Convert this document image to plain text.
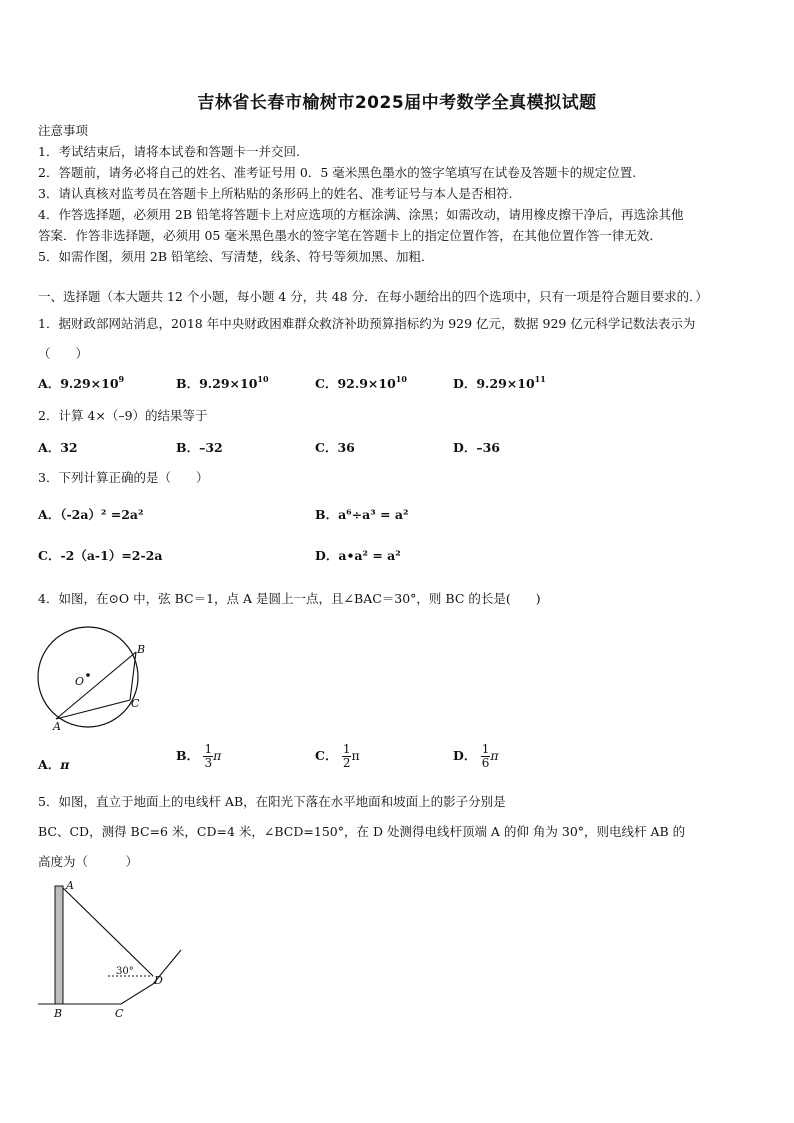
吉林省长春市榆树市2025届中考数学全真模拟试题
注意事项
1．考试结束后，请将本试卷和答题卡一并交回.
2．答题前，请务必将自己的姓名、准考证号用 0．5 毫米黑色墨水的签字笔填写在试卷及答题卡的规定位置.
3．请认真核对监考员在答题卡上所粘贴的条形码上的姓名、准考证号与本人是否相符.
4．作答选择题，必须用 2B 铅笔将答题卡上对应选项的方框涂满、涂黑；如需改动，请用橡皮擦干净后，再选涂其他
答案．作答非选择题，必须用 05 毫米黑色墨水的签字笔在答题卡上的指定位置作答，在其他位置作答一律无效．
5．如需作图，须用 2B 铅笔绘、写清楚，线条、符号等须加黑、加粗．
一、选择题（本大题共 12 个小题，每小题 4 分，共 48 分．在每小题给出的四个选项中，只有一项是符合题目要求的．）
1．据财政部网站消息，2018 年中央财政困难群众救济补助预算指标约为 929 亿元，数据 929 亿元科学记数法表示为
（　　）
A．$9.29\times 10^9$	B．$9.29\times 10^{10}$	C．$92.9\times 10^{10}$	D．$9.29\times 10^{11}$
2．计算 4×（–9）的结果等于
A．32	B．–32	C．36	D．–36
3．下列计算正确的是（　　）
A．（-2a）² =2a²	B．a⁶÷a³ = a²
C．-2（a-1）=2-2a	D．a•a² = a²
4．如图，在⊙O 中，弦 BC＝1，点 A 是圆上一点，且∠BAC＝30°，则 BC 的长是(　　)
B
O
C
A
A．π
B． $\frac{1}{3}$ π	C． $\frac{1}{2}$ π	D． $\frac{1}{6}$ π
5．如图，直立于地面上的电线杆 AB，在阳光下落在水平地面和坡面上的影子分别是
BC、CD，测得 BC=6 米，CD=4 米，∠BCD=150°，在 D 处测得电线杆顶端 A 的仰 角为 30°，则电线杆 AB 的
高度为（　　　）
A
30°
D
B	C
